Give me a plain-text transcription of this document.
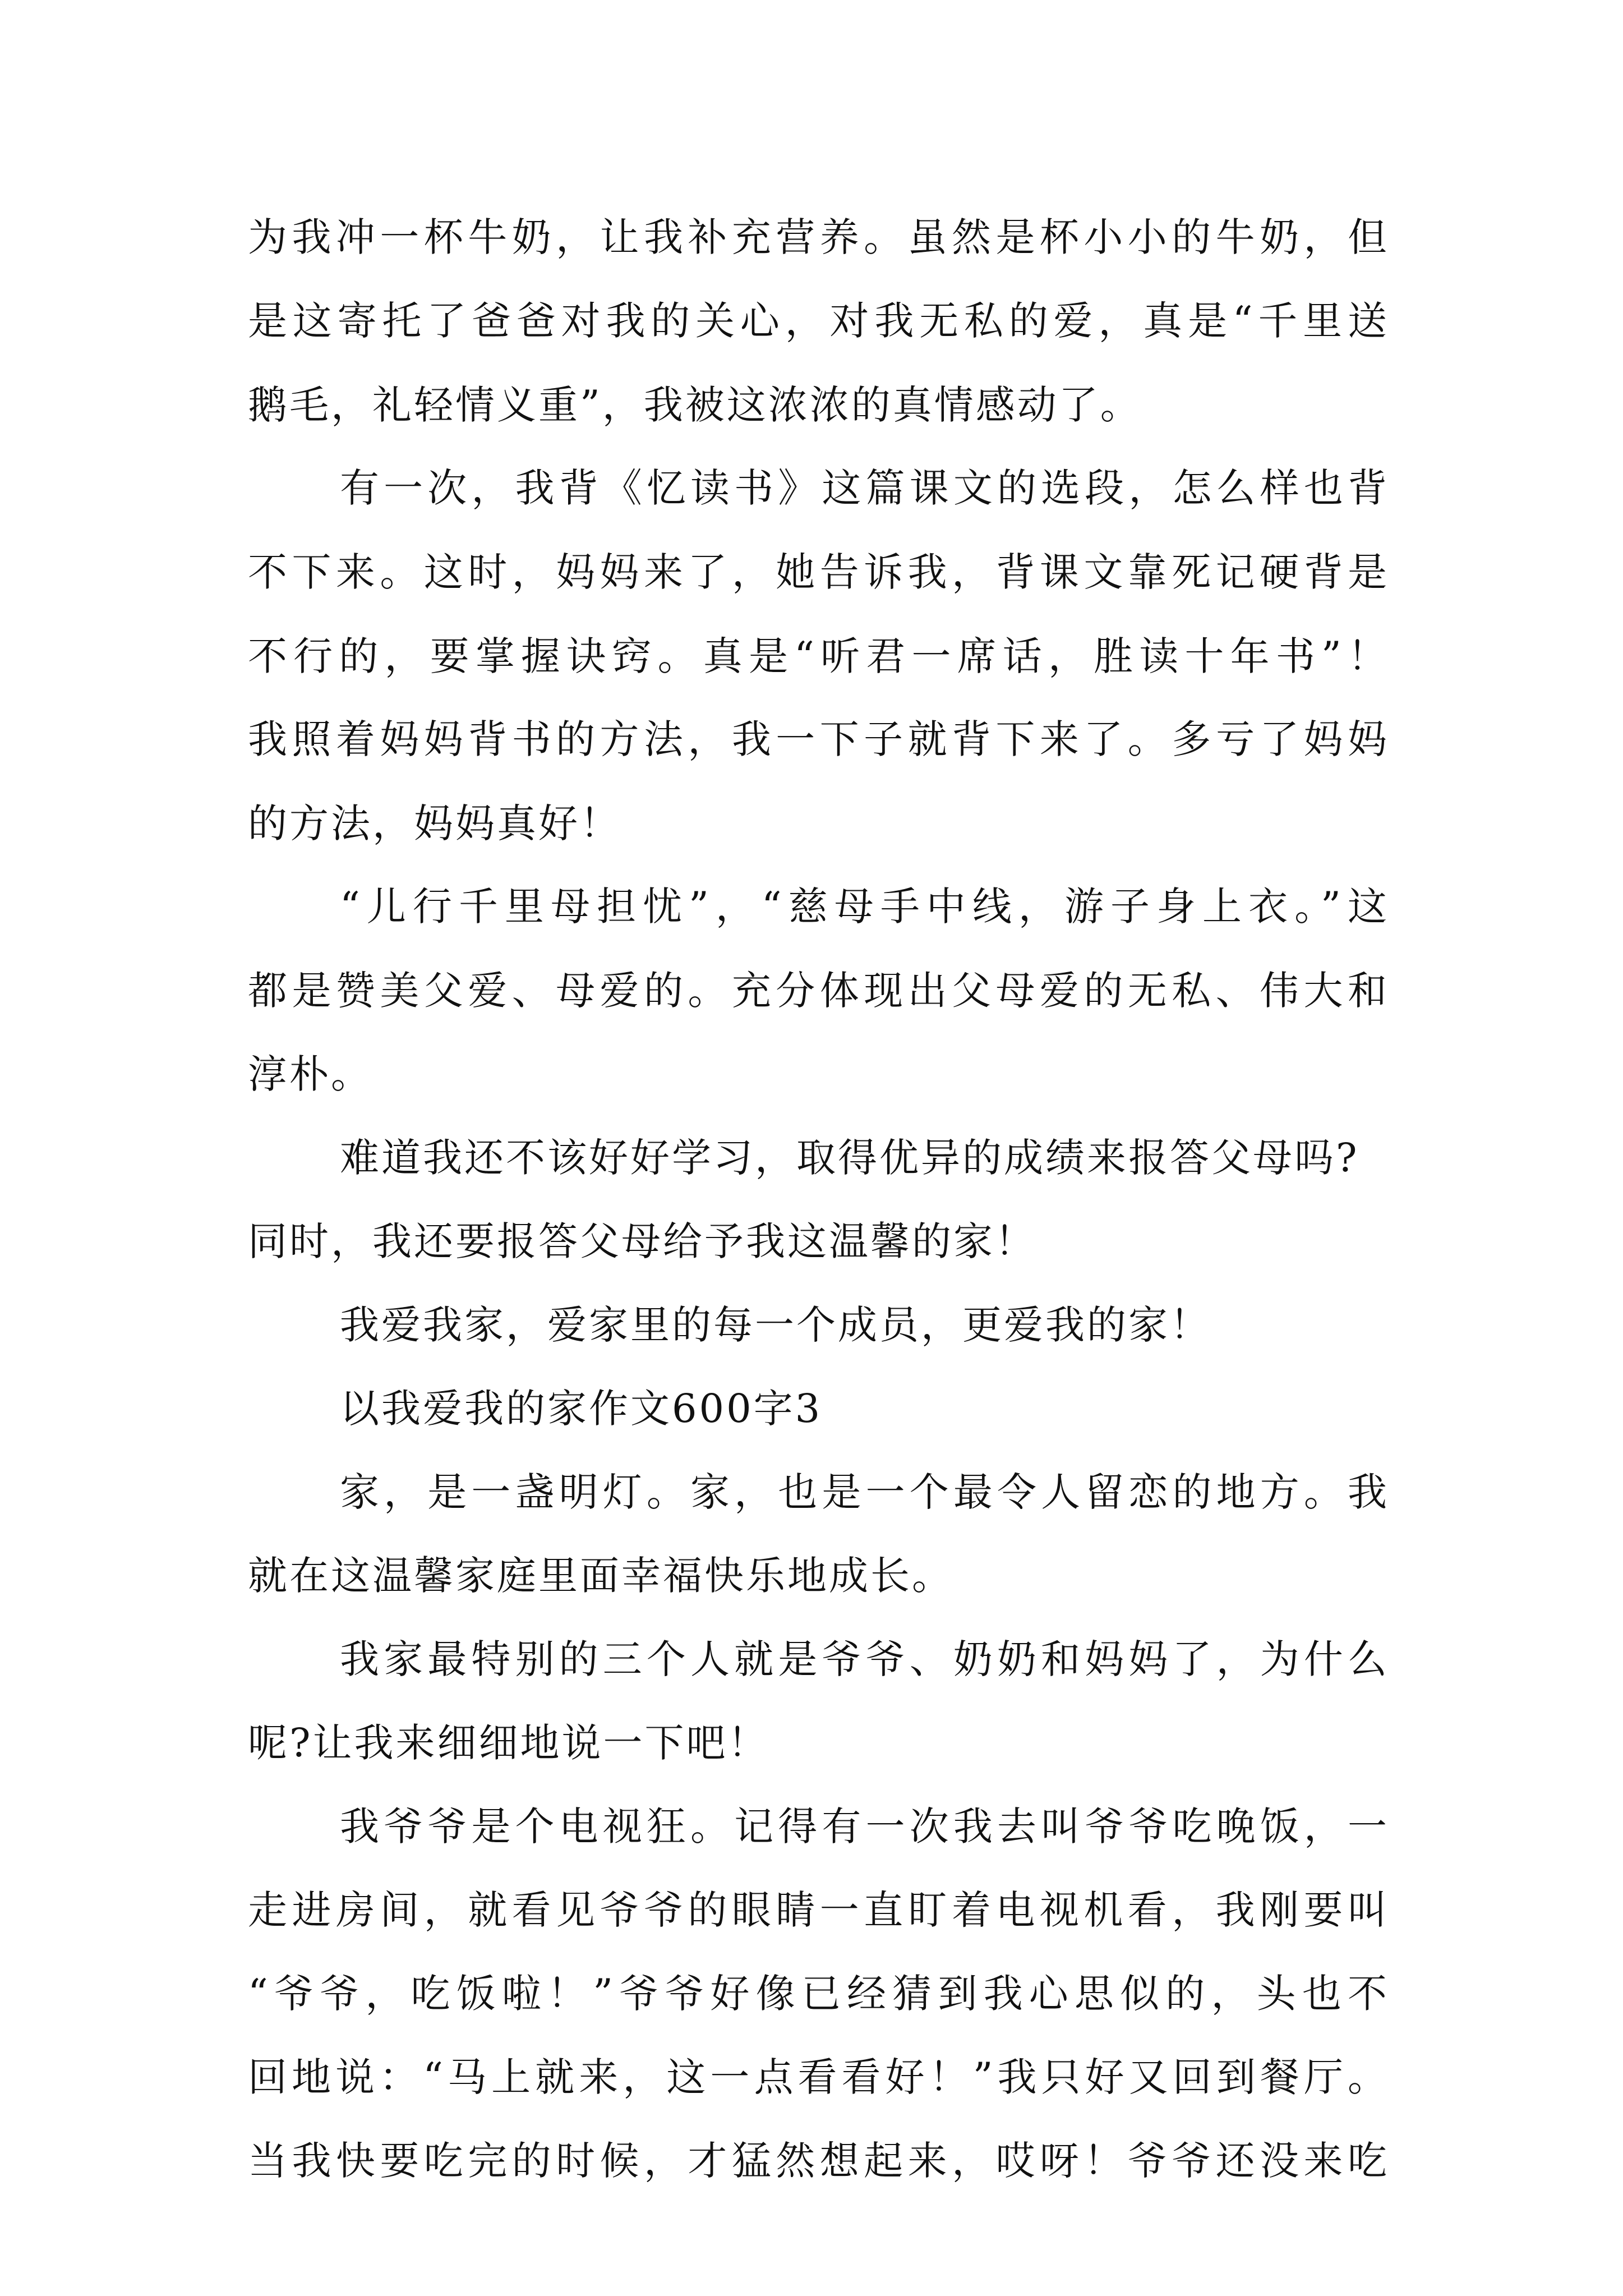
为我冲一杯牛奶，让我补充营养。虽然是杯小小的牛奶，但
是这寄托了爸爸对我的关心，对我无私的爱，真是“千里送
鹅毛，礼轻情义重”，我被这浓浓的真情感动了。
有一次，我背《忆读书》这篇课文的选段，怎么样也背
不下来。这时，妈妈来了，她告诉我，背课文靠死记硬背是
不行的，要掌握诀窍。真是“听君一席话，胜读十年书”！
我照着妈妈背书的方法，我一下子就背下来了。多亏了妈妈
的方法，妈妈真好！
“儿行千里母担忧”，“慈母手中线，游子身上衣。”这
都是赞美父爱、母爱的。充分体现出父母爱的无私、伟大和
淳朴。
难道我还不该好好学习，取得优异的成绩来报答父母吗?
同时，我还要报答父母给予我这温馨的家！
我爱我家，爱家里的每一个成员，更爱我的家！
以我爱我的家作文600字3
家，是一盏明灯。家，也是一个最令人留恋的地方。我
就在这温馨家庭里面幸福快乐地成长。
我家最特别的三个人就是爷爷、奶奶和妈妈了，为什么
呢?让我来细细地说一下吧！
我爷爷是个电视狂。记得有一次我去叫爷爷吃晚饭，一
走进房间，就看见爷爷的眼睛一直盯着电视机看，我刚要叫
“爷爷，吃饭啦！”爷爷好像已经猜到我心思似的，头也不
回地说：“马上就来，这一点看看好！”我只好又回到餐厅。
当我快要吃完的时候，才猛然想起来，哎呀！爷爷还没来吃
